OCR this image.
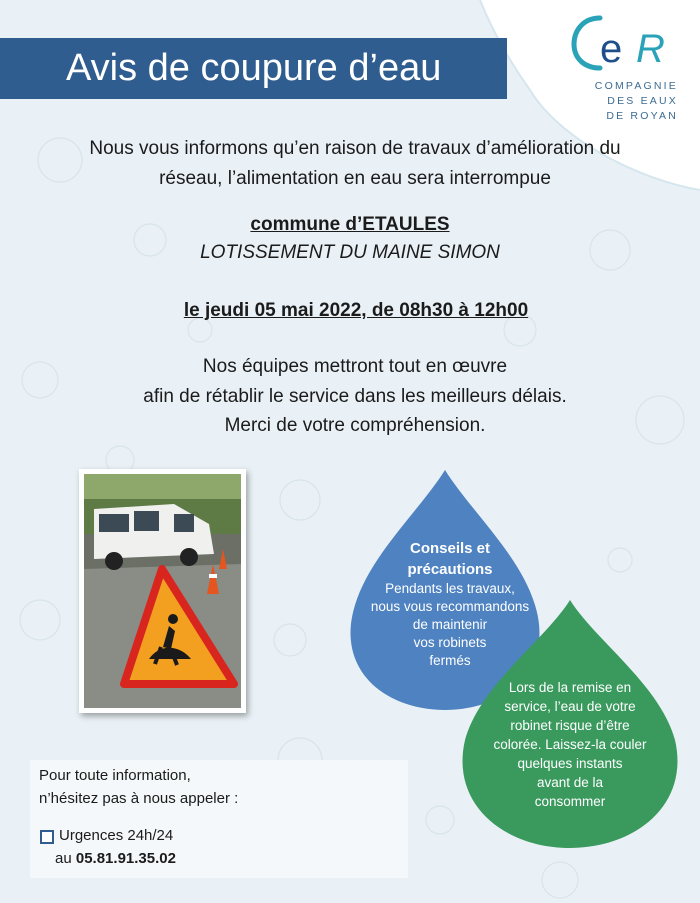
Avis de coupure d’eau	e R
COMPAGNIE
DES EAUX
DE ROYAN
Nous vous informons qu’en raison de travaux d’amélioration du
réseau, l’alimentation en eau sera interrompue
commune d’ETAULES
LOTISSEMENT DU MAINE SIMON
le jeudi 05 mai 2022, de 08h30 à 12h00
Nos équipes mettront tout en œuvre
afin de rétablir le service dans les meilleurs délais.
Merci de votre compréhension.
Conseils et
précautions
Pendants les travaux,
nous vous recommandons
de maintenir
vos robinets
fermés
Lors de la remise en
service, l’eau de votre
robinet risque d’être
colorée. Laissez-la couler
quelques instants
avant de la
consommer
Pour toute information,
n’hésitez pas à nous appeler :
Urgences 24h/24
au 05.81.91.35.02
